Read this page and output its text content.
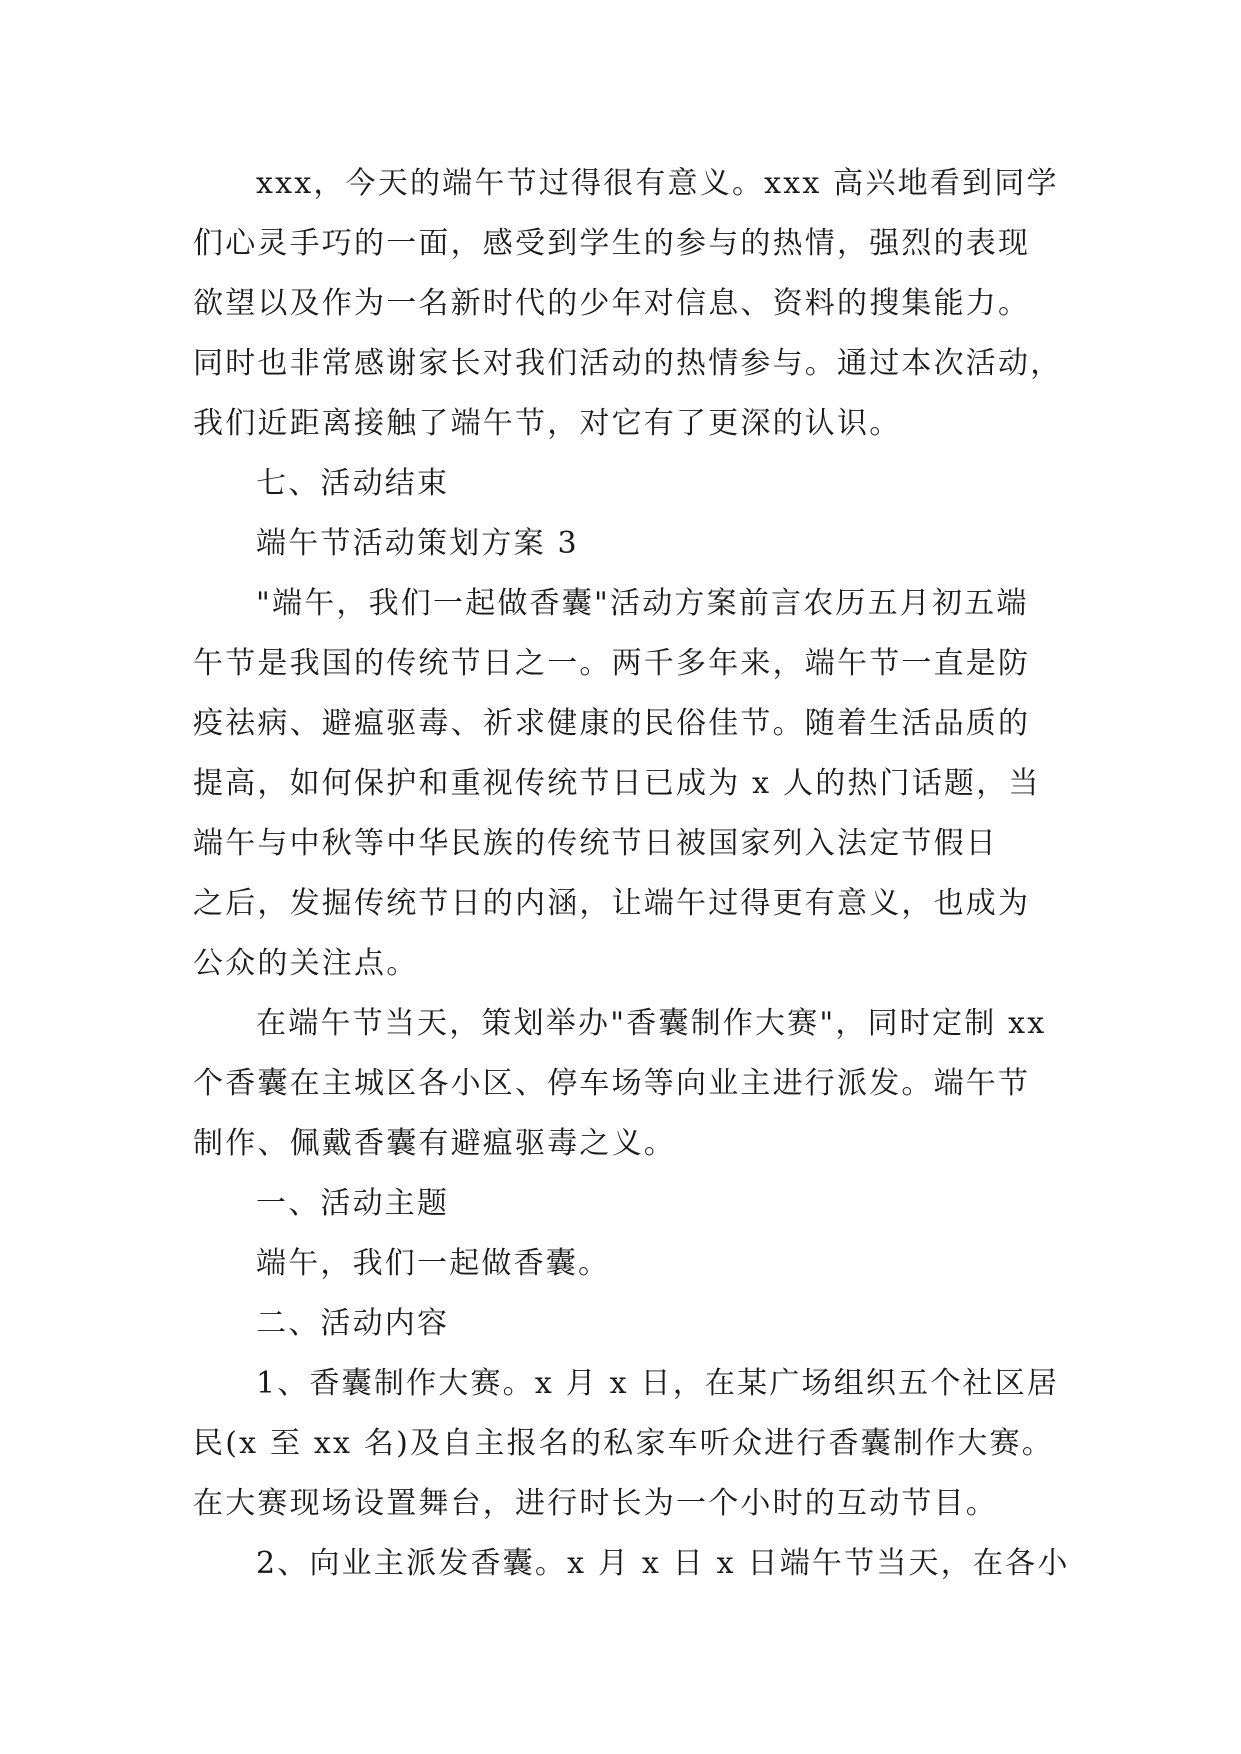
xxx，今天的端午节过得很有意义。xxx 高兴地看到同学

们心灵手巧的一面，感受到学生的参与的热情，强烈的表现

欲望以及作为一名新时代的少年对信息、资料的搜集能力。

同时也非常感谢家长对我们活动的热情参与。通过本次活动，

我们近距离接触了端午节，对它有了更深的认识。

七、活动结束

端午节活动策划方案 3

"端午，我们一起做香囊"活动方案前言农历五月初五端

午节是我国的传统节日之一。两千多年来，端午节一直是防

疫祛病、避瘟驱毒、祈求健康的民俗佳节。随着生活品质的

提高，如何保护和重视传统节日已成为 x 人的热门话题，当

端午与中秋等中华民族的传统节日被国家列入法定节假日

之后，发掘传统节日的内涵，让端午过得更有意义，也成为

公众的关注点。

在端午节当天，策划举办"香囊制作大赛"，同时定制 xx

个香囊在主城区各小区、停车场等向业主进行派发。端午节

制作、佩戴香囊有避瘟驱毒之义。

一、活动主题

端午，我们一起做香囊。

二、活动内容

1、香囊制作大赛。x 月 x 日，在某广场组织五个社区居

民(x 至 xx 名)及自主报名的私家车听众进行香囊制作大赛。

在大赛现场设置舞台，进行时长为一个小时的互动节目。

2、向业主派发香囊。x 月 x 日 x 日端午节当天，在各小
